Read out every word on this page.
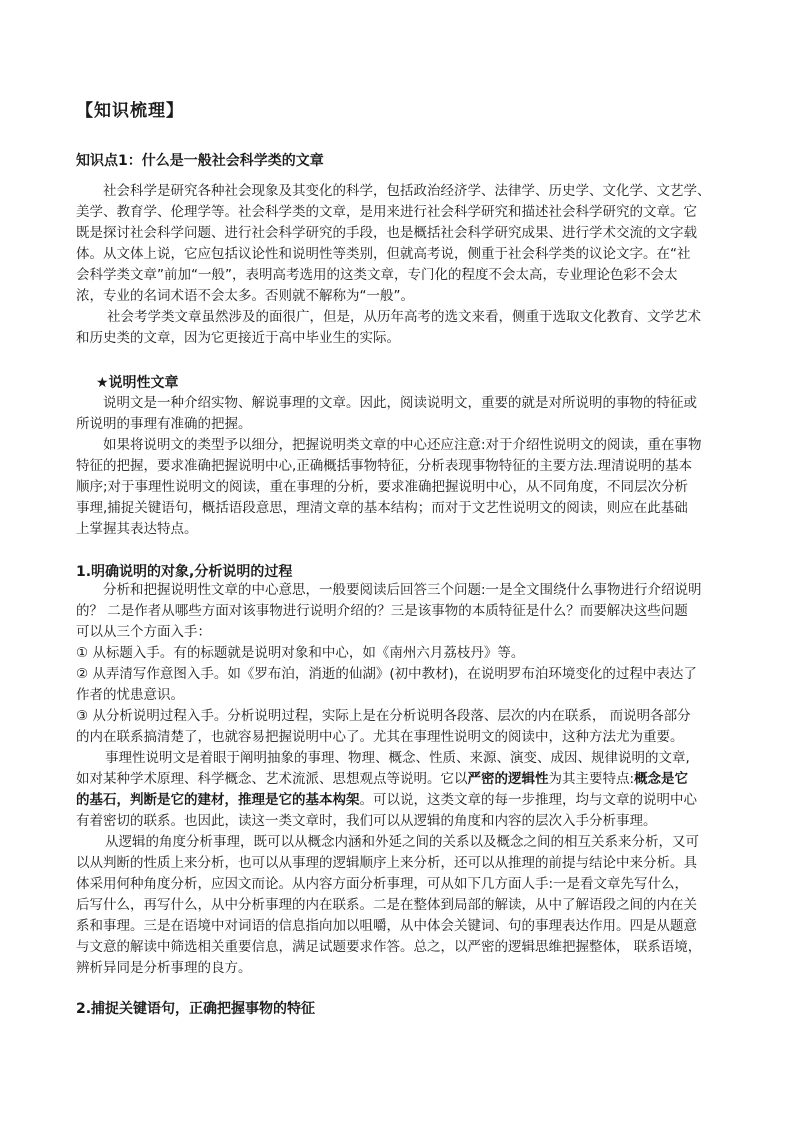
【知识梳理】
知识点1：什么是一般社会科学类的文章

社会科学是研究各种社会现象及其变化的科学，包括政治经济学、法律学、历史学、文化学、文艺学、
美学、教育学、伦理学等。社会科学类的文章，是用来进行社会科学研究和描述社会科学研究的文章。它
既是探讨社会科学问题、进行社会科学研究的手段，也是概括社会科学研究成果、进行学术交流的文字载
体。从文体上说，它应包括议论性和说明性等类别，但就高考说，侧重于社会科学类的议论文字。在“社
会科学类文章”前加“一般”，表明高考选用的这类文章，专门化的程度不会太高，专业理论色彩不会太
浓，专业的名词术语不会太多。否则就不解称为“一般”。

社会考学类文章虽然涉及的面很广，但是，从历年高考的选文来看，侧重于选取文化教育、文学艺术
和历史类的文章，因为它更接近于高中毕业生的实际。

★说明性文章

说明文是一种介绍实物、解说事理的文章。因此，阅读说明文，重要的就是对所说明的事物的特征或
所说明的事理有准确的把握。

如果将说明文的类型予以细分，把握说明类文章的中心还应注意:对于介绍性说明文的阅读，重在事物
特征的把握，要求准确把握说明中心,正确概括事物特征，分析表现事物特征的主要方法.理清说明的基本
顺序;对于事理性说明文的阅读，重在事理的分析，要求准确把握说明中心，从不同角度，不同层次分析
事理,捕捉关键语句，概括语段意思，理清文章的基本结构；而对于文艺性说明文的阅读，则应在此基础
上掌握其表达特点。

1.明确说明的对象,分析说明的过程

分析和把握说明性文章的中心意思，一般要阅读后回答三个问题:一是全文围绕什么事物进行介绍说明
的？ 二是作者从哪些方面对该事物进行说明介绍的？三是该事物的本质特征是什么？而要解决这些问题
可以从三个方面入手：

① 从标题入手。有的标题就是说明对象和中心，如《南州六月荔枝丹》等。
② 从弄清写作意图入手。如《罗布泊，消逝的仙湖》(初中教材)，在说明罗布泊环境变化的过程中表达了
作者的忧患意识。
③ 从分析说明过程入手。分析说明过程，实际上是在分析说明各段落、层次的内在联系， 而说明各部分
的内在联系搞清楚了，也就容易把握说明中心了。尤其在事理性说明文的阅读中，这种方法尤为重要。

事理性说明文是着眼于阐明抽象的事理、物理、概念、性质、来源、演变、成因、规律说明的文章,
如对某种学术原理、科学概念、艺术流派、思想观点等说明。它以严密的逻辑性为其主要特点:概念是它
的基石，判断是它的建材，推理是它的基本构架。可以说，这类文章的每一步推理，均与文章的说明中心
有着密切的联系。也因此，读这一类文章时，我们可以从逻辑的角度和内容的层次入手分析事理。

从逻辑的角度分析事理，既可以从概念内涵和外延之间的关系以及概念之间的相互关系来分析，又可
以从判断的性质上来分析，也可以从事理的逻辑顺序上来分析，还可以从推理的前提与结论中来分析。具
体采用何种角度分析，应因文而论。从内容方面分析事理，可从如下几方面人手:一是看文章先写什么，
后写什么，再写什么，从中分析事理的内在联系。二是在整体到局部的解读，从中了解语段之间的内在关
系和事理。三是在语境中对词语的信息指向加以咀嚼，从中体会关键词、句的事理表达作用。四是从题意
与文意的解读中筛选相关重要信息，满足试题要求作答。总之，以严密的逻辑思维把握整体， 联系语境，
辨析异同是分析事理的良方。

2.捕捉关键语句，正确把握事物的特征
